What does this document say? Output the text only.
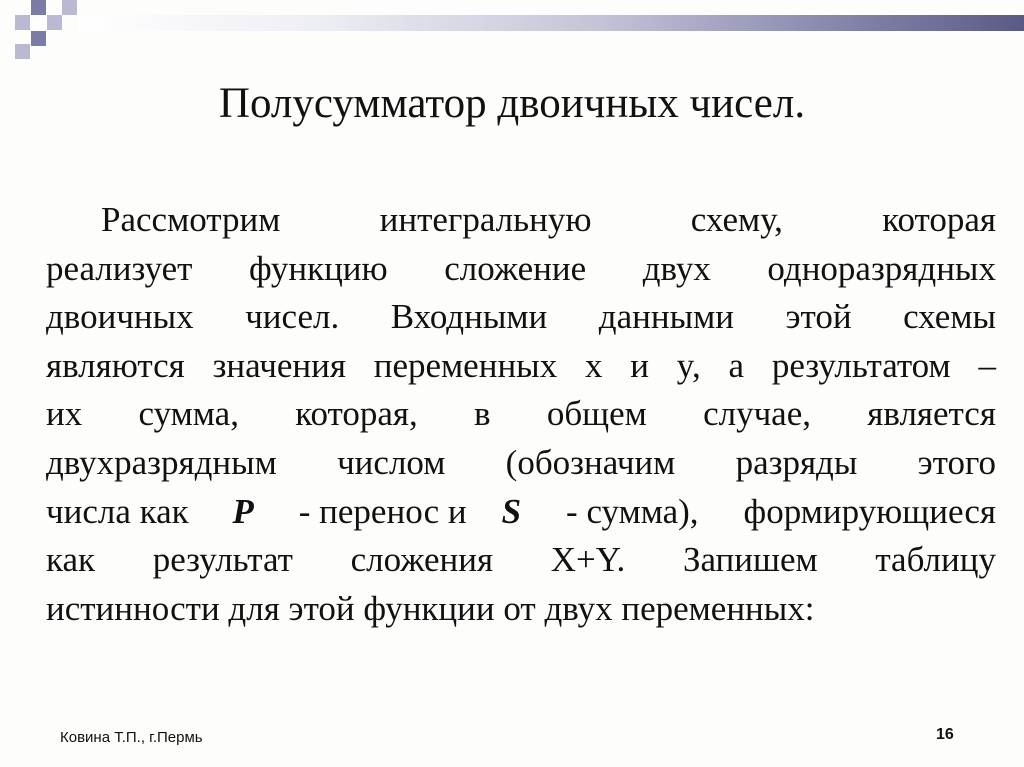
Полусумматор двоичных чисел.
Рассмотрим	интегральную	схему,	которая
реализует функцию сложение двух одноразрядных
двоичных чисел. Входными данными этой схемы
являются значения переменных x и y, а результатом –
их сумма, которая, в общем случае, является
двухразрядным числом (обозначим разряды этого
числа как P - перенос и S - сумма), формирующиеся
как результат сложения X+Y. Запишем таблицу
истинности для этой функции от двух переменных:
Ковина Т.П., г.Пермь	16
